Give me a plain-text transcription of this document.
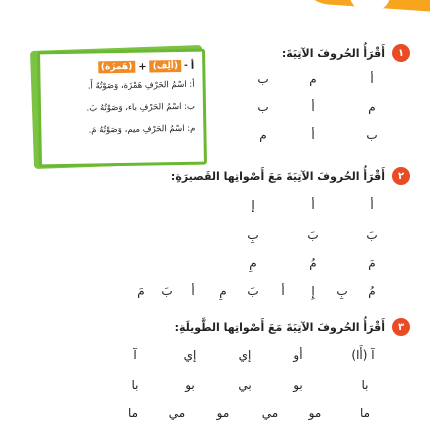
أ
-
(أَلِف)
+
(هَمزَة)
أ: اسْمُ الحَرْفِ هَمْزَة، وَصَوْتُهُ أَ.
ب: اسْمُ الحَرْفِ باء، وَصَوْتُهُ بَ.
م: اسْمُ الحَرْفِ ميم، وَصَوْتُهُ مَ.
١
أَقْرَأُ الحُروفَ الآتِيَةَ:
أ
م
ب
م
أ
ب
ب
أ
م
٢
أَقْرَأُ الحُروفَ الآتِيَةَ مَعَ أَصْواتِها القَصيرَةِ:
أ
أ
إ
بَ
بَ
بِ
مَ
مُ
مِ
مُ
بِ
إِ
أ
بَ
مِ
أ
بَ
مَ
٣
أَقْرَأُ الحُروفَ الآتِيَةَ مَعَ أَصْواتِها الطَّويلَةِ:
آ (أَا)
أو
إي
إي
آ
با
بو
بي
بو
با
ما
مو
مي
مو
مي
ما
